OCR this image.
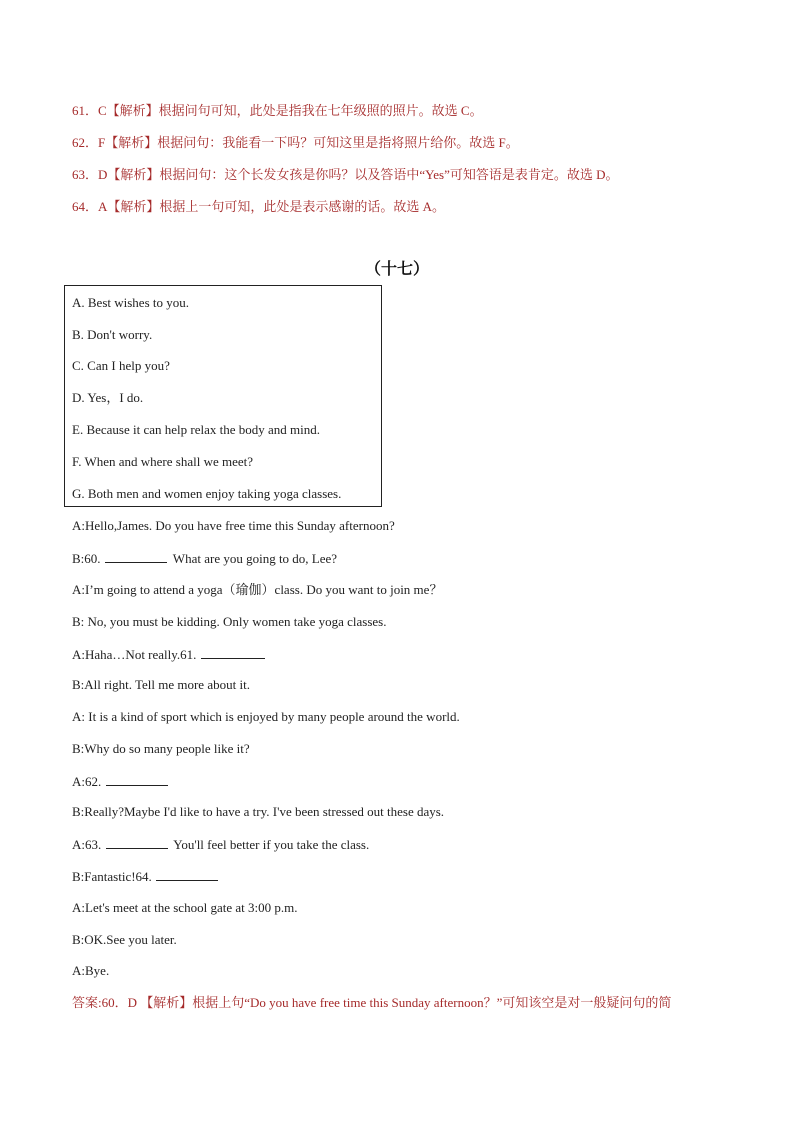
61．C【解析】根据问句可知，此处是指我在七年级照的照片。故选 C。
62．F【解析】根据问句：我能看一下吗？可知这里是指将照片给你。故选 F。
63．D【解析】根据问句：这个长发女孩是你吗？以及答语中“Yes”可知答语是表肯定。故选 D。
64．A【解析】根据上一句可知，此处是表示感谢的话。故选 A。
（十七）
A. Best wishes to you.
B. Don't worry.
C. Can I help you?
D. Yes，I do.
E. Because it can help relax the body and mind.
F. When and where shall we meet?
G. Both men and women enjoy taking yoga classes.
A:Hello,James. Do you have free time this Sunday afternoon?
B:60.	What are you going to do, Lee?
A:I’m going to attend a yoga（瑜伽）class. Do you want to join me？
B: No, you must be kidding. Only women take yoga classes.
A:Haha…Not really.61.
B:All right. Tell me more about it.
A: It is a kind of sport which is enjoyed by many people around the world.
B:Why do so many people like it?
A:62.
B:Really?Maybe I'd like to have a try. I've been stressed out these days.
A:63.	You'll feel better if you take the class.
B:Fantastic!64.
A:Let's meet at the school gate at 3:00 p.m.
B:OK.See you later.
A:Bye.
答案:60．D 【解析】根据上句“Do you have free time this Sunday afternoon？”可知该空是对一般疑问句的简
